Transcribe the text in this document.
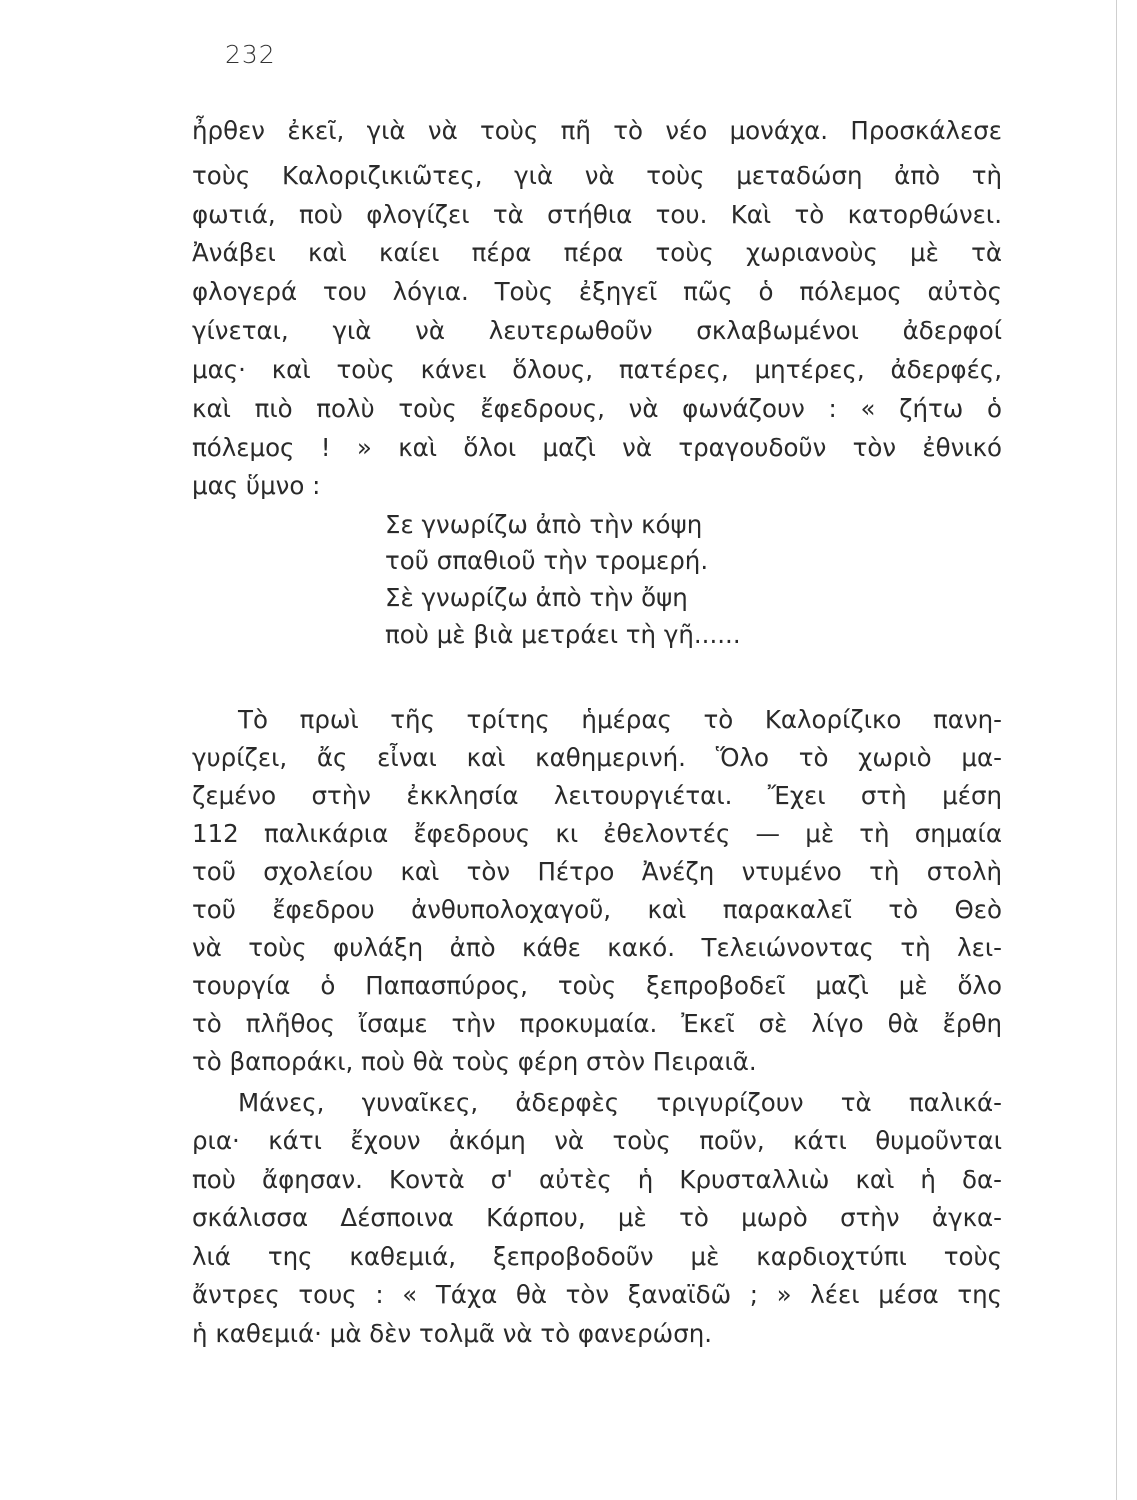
232
ἦρθεν ἐκεῖ, γιὰ νὰ τοὺς πῆ τὸ νέο μονάχα. Προσκάλεσε
τοὺς Καλοριζικιῶτες, γιὰ νὰ τοὺς μεταδώση ἀπὸ τὴ
φωτιά, ποὺ φλογίζει τὰ στήθια του. Καὶ τὸ κατορθώνει.
Ἀνάβει καὶ καίει πέρα πέρα τοὺς χωριανοὺς μὲ τὰ
φλογερά του λόγια. Τοὺς ἐξηγεῖ πῶς ὁ πόλεμος αὐτὸς
γίνεται, γιὰ νὰ λευτερωθοῦν σκλαβωμένοι ἀδερφοί
μας· καὶ τοὺς κάνει ὅλους, πατέρες, μητέρες, ἀδερφές,
καὶ πιὸ πολὺ τοὺς ἔφεδρους, νὰ φωνάζουν : « ζήτω ὁ
πόλεμος ! » καὶ ὅλοι μαζὶ νὰ τραγουδοῦν τὸν ἐθνικό
μας ὕμνο :
Σε γνωρίζω ἀπὸ τὴν κόψη
τοῦ σπαθιοῦ τὴν τρομερή.
Σὲ γνωρίζω ἀπὸ τὴν ὄψη
ποὺ μὲ βιὰ μετράει τὴ γῆ......
Τὸ πρωὶ τῆς τρίτης ἡμέρας τὸ Καλορίζικο πανη-
γυρίζει, ἄς εἶναι καὶ καθημερινή. Ὅλο τὸ χωριὸ μα-
ζεμένο στὴν ἐκκλησία λειτουργιέται. Ἔχει στὴ μέση
112 παλικάρια ἔφεδρους κι ἐθελοντές — μὲ τὴ σημαία
τοῦ σχολείου καὶ τὸν Πέτρο Ἀνέζη ντυμένο τὴ στολὴ
τοῦ ἔφεδρου ἀνθυπολοχαγοῦ, καὶ παρακαλεῖ τὸ Θεὸ
νὰ τοὺς φυλάξη ἀπὸ κάθε κακό. Τελειώνοντας τὴ λει-
τουργία ὁ Παπασπύρος, τοὺς ξεπροβοδεῖ μαζὶ μὲ ὅλο
τὸ πλῆθος ἴσαμε τὴν προκυμαία. Ἐκεῖ σὲ λίγο θὰ ἔρθη
τὸ βαποράκι, ποὺ θὰ τοὺς φέρη στὸν Πειραιᾶ.
Μάνες, γυναῖκες, ἀδερφὲς τριγυρίζουν τὰ παλικά-
ρια· κάτι ἔχουν ἀκόμη νὰ τοὺς ποῦν, κάτι θυμοῦνται
ποὺ ἄφησαν. Κοντὰ σ' αὐτὲς ἡ Κρυσταλλιὼ καὶ ἡ δα-
σκάλισσα Δέσποινα Κάρπου, μὲ τὸ μωρὸ στὴν ἀγκα-
λιά της καθεμιά, ξεπροβοδοῦν μὲ καρδιοχτύπι τοὺς
ἄντρες τους : « Τάχα θὰ τὸν ξαναϊδῶ ; » λέει μέσα της
ἡ καθεμιά· μὰ δὲν τολμᾶ νὰ τὸ φανερώση.
